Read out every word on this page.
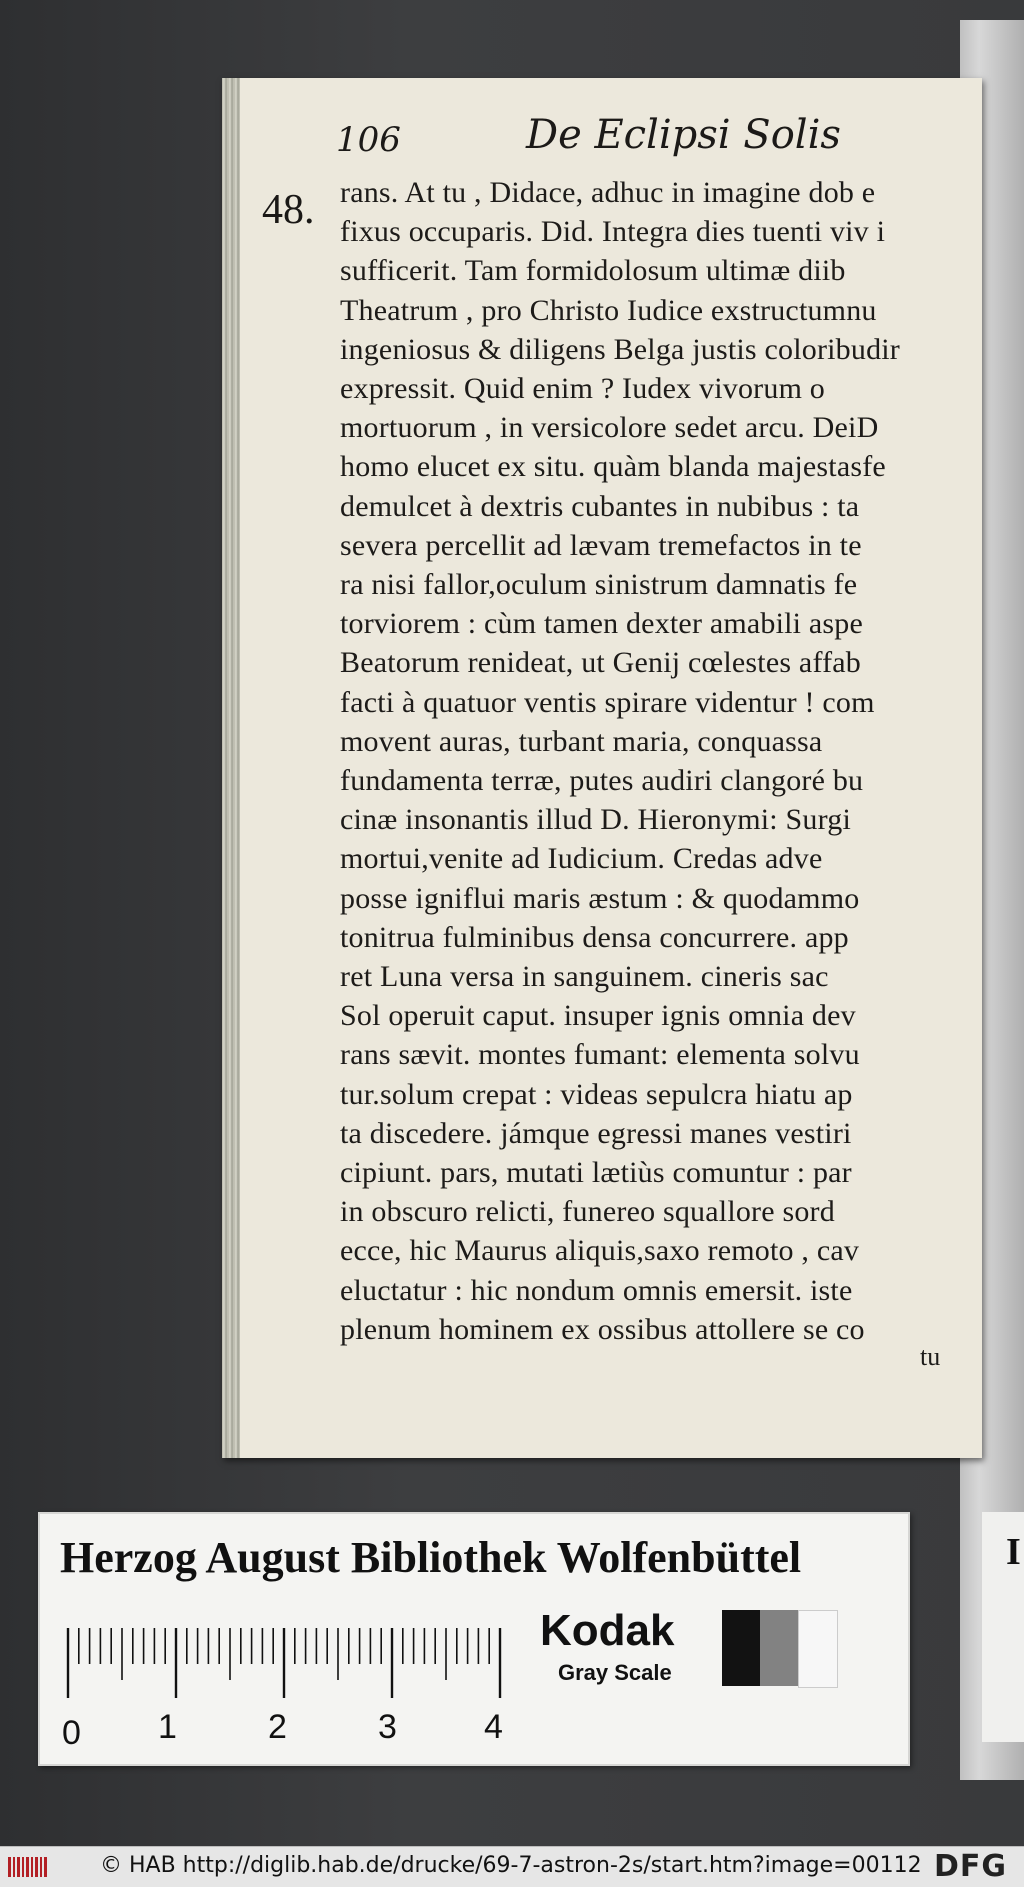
106	De Eclipsi Solis
48. rans. At tu , Didace, adhuc in imagine dob e
fixus occuparis. Did. Integra dies tuenti viv i
sufficerit. Tam formidolosum ultimæ diib
Theatrum , pro Christo Iudice exstructumnu
ingeniosus & diligens Belga justis coloribudir
expressit. Quid enim ? Iudex vivorum o
mortuorum , in versicolore sedet arcu. DeiD
homo elucet ex situ. quàm blanda majestasfe
demulcet à dextris cubantes in nubibus : ta
severa percellit ad lævam tremefactos in te
ra nisi fallor,oculum sinistrum damnatis fe
torviorem : cùm tamen dexter amabili aspe
Beatorum renideat, ut Genij cœlestes affab
facti à quatuor ventis spirare videntur ! com
movent auras, turbant maria, conquassa
fundamenta terræ, putes audiri clangoré bu
cinæ insonantis illud D. Hieronymi: Surgi
mortui,venite ad Iudicium. Credas adve
posse igniflui maris æstum : & quodammo
tonitrua fulminibus densa concurrere. app
ret Luna versa in sanguinem. cineris sac
Sol operuit caput. insuper ignis omnia dev
rans sævit. montes fumant: elementa solvu
tur.solum crepat : videas sepulcra hiatu ap
ta discedere. jámque egressi manes vestiri
cipiunt. pars, mutati lætiùs comuntur : par
in obscuro relicti, funereo squallore sord
ecce, hic Maurus aliquis,saxo remoto , cav
eluctatur : hic nondum omnis emersit. iste
plenum hominem ex ossibus attollere se co
tu
I
Herzog August Bibliothek Wolfenbüttel
0 1	2	3	4
Kodak
Gray Scale
© HAB http://diglib.hab.de/drucke/69-7-astron-2s/start.htm?image=00112 DFG
